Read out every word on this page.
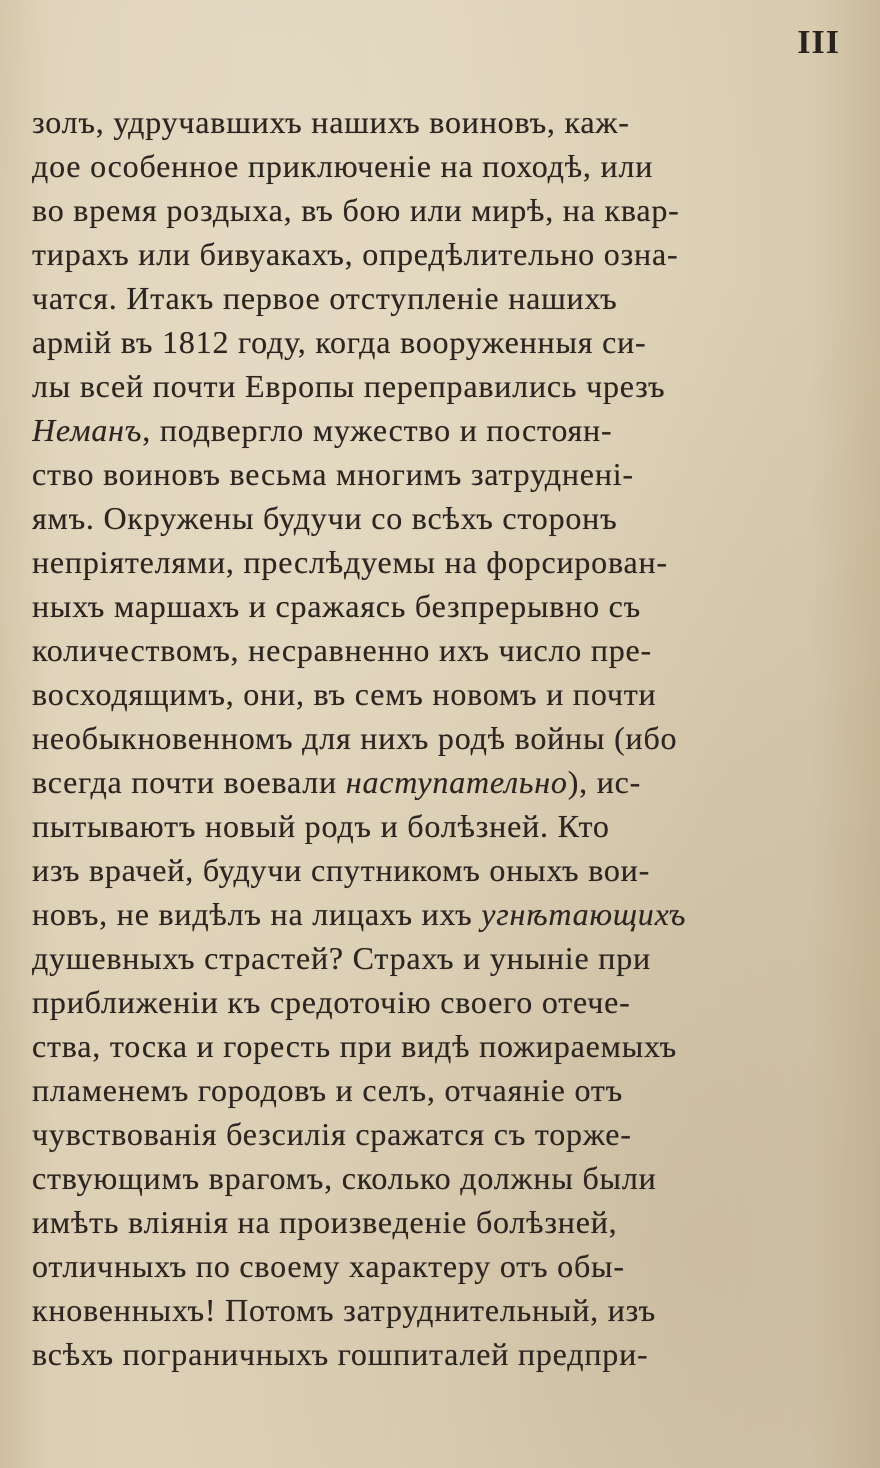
III
золъ, удручавшихъ нашихъ воиновъ, каж-
дое особенное приключеніе на походѣ, или
во время роздыха, въ бою или мирѣ, на квар-
тирахъ или бивуакахъ, опредѣлительно озна-
чатся. Итакъ первое отступленіе нашихъ
армій въ 1812 году, когда вооруженныя си-
лы всей почти Европы переправились чрезъ
Неманъ, подвергло мужество и постоян-
ство воиновъ весьма многимъ затрудненi-
ямъ. Окружены будучи со всѣхъ сторонъ
непріятелями, преслѣдуемы на форсирован-
ныхъ маршахъ и сражаясь безпрерывно съ
количествомъ, несравненно ихъ число пре-
восходящимъ, они, въ семъ новомъ и почти
необыкновенномъ для нихъ родѣ войны (ибо
всегда почти воевали наступательно), ис-
пытываютъ новый родъ и болѣзней. Кто
изъ врачей, будучи спутникомъ оныхъ вои-
новъ, не видѣлъ на лицахъ ихъ угнѣтающихъ
душевныхъ страстей? Страхъ и уныніе при
приближеніи къ средоточію своего отече-
ства, тоска и горесть при видѣ пожираемыхъ
пламенемъ городовъ и селъ, отчаяніе отъ
чувствованія безсилія сражатся съ торже-
ствующимъ врагомъ, сколько должны были
имѣть вліянія на произведеніе болѣзней,
отличныхъ по своему характеру отъ обы-
кновенныхъ! Потомъ затруднительный, изъ
всѣхъ пограничныхъ гошпиталей предпри-
